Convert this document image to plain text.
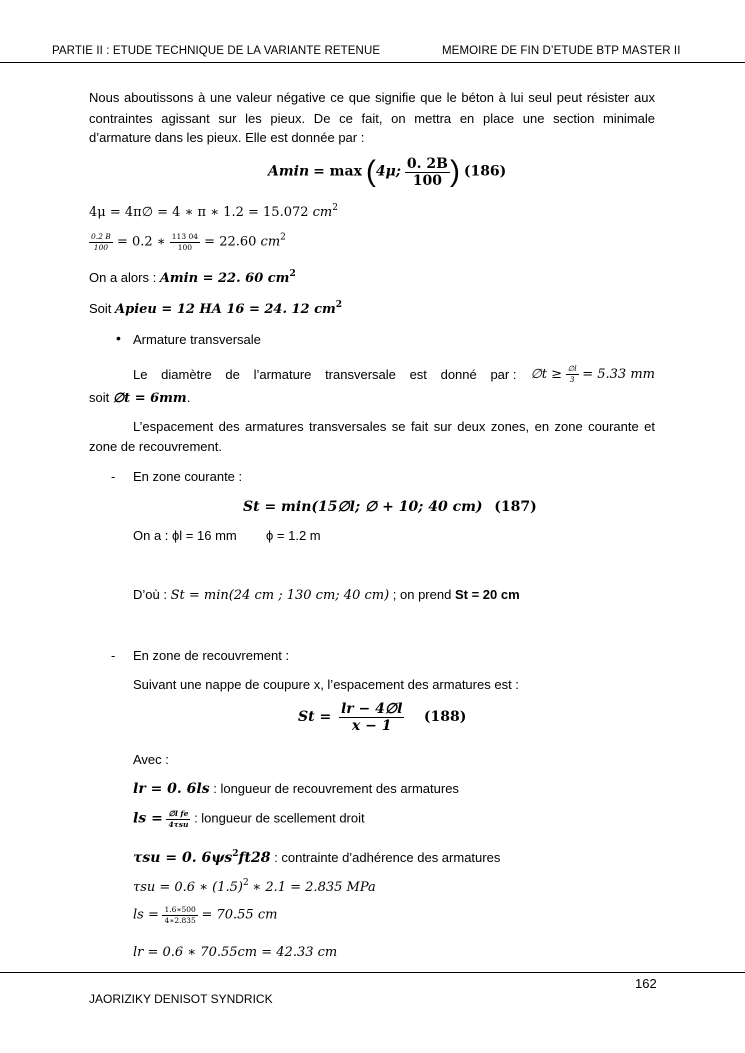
PARTIE II : ETUDE TECHNIQUE DE LA VARIANTE RETENUE	MEMOIRE DE FIN D’ETUDE BTP MASTER II
Nous aboutissons à une valeur négative ce que signifie que le béton à lui seul peut résister aux
contraintes agissant sur les pieux. De ce fait, on mettra en place une section minimale
d’armature dans les pieux. Elle est donnée par :
Amin = max (4μ; $\frac{0. 2B}{100}$ ) (186)
4μ = 4π∅ = 4 ∗ π ∗ 1.2 = 15.072 $cm^2$
$\frac{0.2 B}{100} = 0.2$ ∗ $\frac{113 04}{100} = 22.60$ $cm^2$
On a alors : Amin = 22. 60 $cm^2$
Soit Apieu = 12 HA 16 = 24. 12 $cm^2$
• Armature transversale
Le diamètre de l’armature transversale est donné par : ∅t ≥
$\frac{\emptyset l}{3}$
= 5.33 mm
soit ∅t = 6mm.
L’espacement des armatures transversales se fait sur deux zones, en zone courante et
zone de recouvrement.
- En zone courante :
St = min(15∅l; ∅ + 10; 40 cm) (187)
On a : ϕl = 16 mm ϕ = 1.2 m
D’où : St = min(24 cm ; 130 cm; 40 cm) ; on prend St = 20 cm
- En zone de recouvrement :
Suivant une nappe de coupure x, l’espacement des armatures est :
$St = \frac{lr - 4\emptyset l}{x - 1} (188)$
Avec :
lr = 0. 6ls : longueur de recouvrement des armatures
ls = $\frac{\text{∅l fe}}{\text{4τsu}}$ : longueur de scellement droit
τsu = 0. $6\psi s^2ft28$ : contrainte d’adhérence des armatures
τsu = 0.6 ∗ $(1.5)^2$ ∗ 2.1 = 2.835 MPa
ls = $\frac{1.6∗500}{4∗2.835} = 70.55$ cm
lr = 0.6 ∗ 70.55cm = 42.33 cm
162
JAORIZIKY DENISOT SYNDRICK
